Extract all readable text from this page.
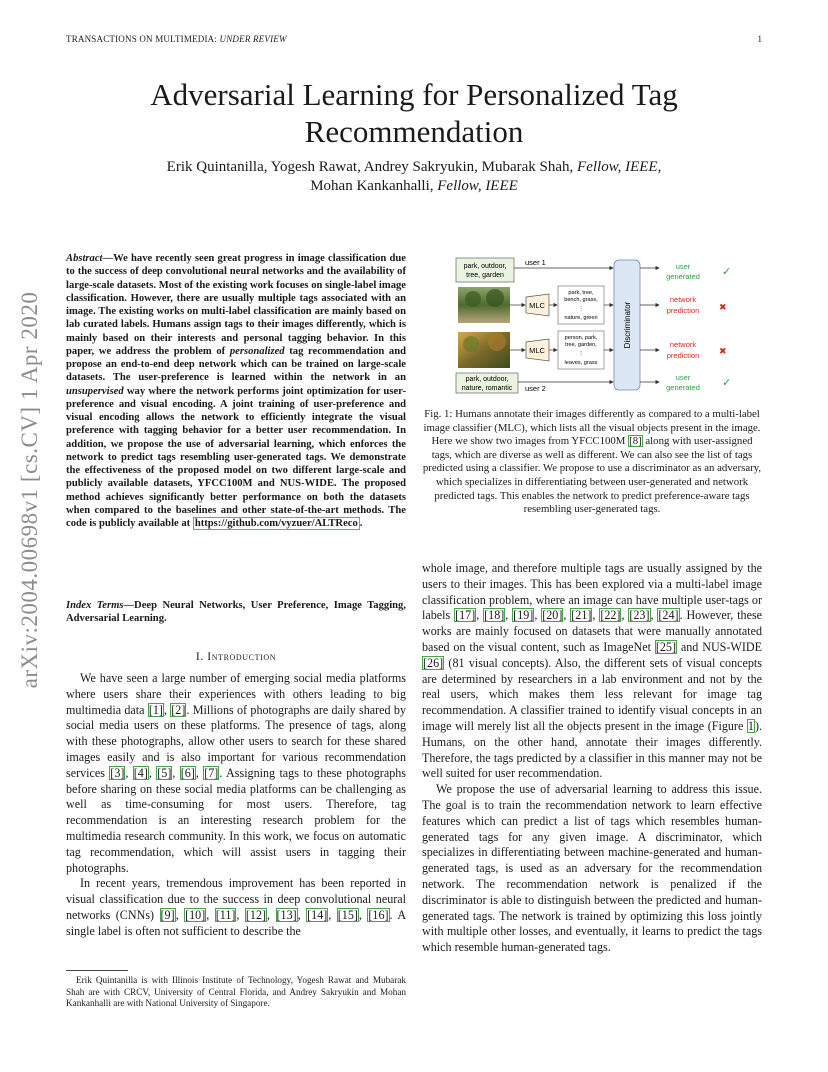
TRANSACTIONS ON MULTIMEDIA: UNDER REVIEW	1
arXiv:2004.00698v1 [cs.CV] 1 Apr 2020
Adversarial Learning for Personalized Tag Recommendation
Erik Quintanilla, Yogesh Rawat, Andrey Sakryukin, Mubarak Shah, Fellow, IEEE,
Mohan Kankanhalli, Fellow, IEEE
Abstract—We have recently seen great progress in image classification due to the success of deep convolutional neural networks and the availability of large-scale datasets. Most of the existing work focuses on single-label image classification. However, there are usually multiple tags associated with an image. The existing works on multi-label classification are mainly based on lab curated labels. Humans assign tags to their images differently, which is mainly based on their interests and personal tagging behavior. In this paper, we address the problem of personalized tag recommendation and propose an end-to-end deep network which can be trained on large-scale datasets. The user-preference is learned within the network in an unsupervised way where the network performs joint optimization for user-preference and visual encoding. A joint training of user-preference and visual encoding allows the network to efficiently integrate the visual preference with tagging behavior for a better user recommendation. In addition, we propose the use of adversarial learning, which enforces the network to predict tags resembling user-generated tags. We demonstrate the effectiveness of the proposed model on two different large-scale and publicly available datasets, YFCC100M and NUS-WIDE. The proposed method achieves significantly better performance on both the datasets when compared to the baselines and other state-of-the-art methods. The code is publicly available at https://github.com/vyzuer/ALTReco .
Index Terms—Deep Neural Networks, User Preference, Image Tagging, Adversarial Learning.
I. Introduction

We have seen a large number of emerging social media platforms where users share their experiences with others leading to big multimedia data [1], [2]. Millions of photographs are daily shared by social media users on these platforms. The presence of tags, along with these photographs, allow other users to search for these shared images easily and is also important for various recommendation services [3], [4], [5], [6], [7]. Assigning tags to these photographs before sharing on these social media platforms can be challenging as well as time-consuming for most users. Therefore, tag recommendation is an interesting research problem for the multimedia research community. In this work, we focus on automatic tag recommendation, which will assist users in tagging their photographs.

In recent years, tremendous improvement has been reported in visual classification due to the success in deep convolutional neural networks (CNNs) [9], [10], [11], [12], [13], [14], [15], [16]. A single label is often not sufficient to describe the

Erik Quintanilla is with Illinois Institute of Technology, Yogesh Rawat and Mubarak Shah are with CRCV, University of Central Florida, and Andrey Sakryukin and Mohan Kankanhalli are with National University of Singapore.
park, outdoor,
tree, garden
user 1
MLC
park, tree,
bench, grass,
⋮
nature, green
MLC
person, park,
tree, garden,
⋮
leaves, grass
park, outdoor,
nature, romantic user 2
Discriminator
user
generated ✓
network
prediction ✖
network
prediction ✖
user
generated ✓
Fig. 1: Humans annotate their images differently as compared to a multi-label image classifier (MLC), which lists all the visual objects present in the image. Here we show two images from YFCC100M [8] along with user-assigned tags, which are diverse as well as different. We can also see the list of tags predicted using a classifier. We propose to use a discriminator as an adversary, which specializes in differentiating between user-generated and network predicted tags. This enables the network to predict preference-aware tags resembling user-generated tags.

whole image, and therefore multiple tags are usually assigned by the users to their images. This has been explored via a multi-label image classification problem, where an image can have multiple user-tags or labels [17], [18], [19], [20], [21], [22], [23], [24]. However, these works are mainly focused on datasets that were manually annotated based on the visual content, such as ImageNet [25] and NUS-WIDE [26] (81 visual concepts). Also, the different sets of visual concepts are determined by researchers in a lab environment and not by the real users, which makes them less relevant for image tag recommendation. A classifier trained to identify visual concepts in an image will merely list all the objects present in the image (Figure 1). Humans, on the other hand, annotate their images differently. Therefore, the tags predicted by a classifier in this manner may not be well suited for user recommendation.

We propose the use of adversarial learning to address this issue. The goal is to train the recommendation network to learn effective features which can predict a list of tags which resembles human-generated tags for any given image. A discriminator, which specializes in differentiating between machine-generated and human-generated tags, is used as an adversary for the recommendation network. The recommendation network is penalized if the discriminator is able to distinguish between the predicted and human-generated tags. The network is trained by optimizing this loss jointly with multiple other losses, and eventually, it learns to predict the tags which resemble human-generated tags.
